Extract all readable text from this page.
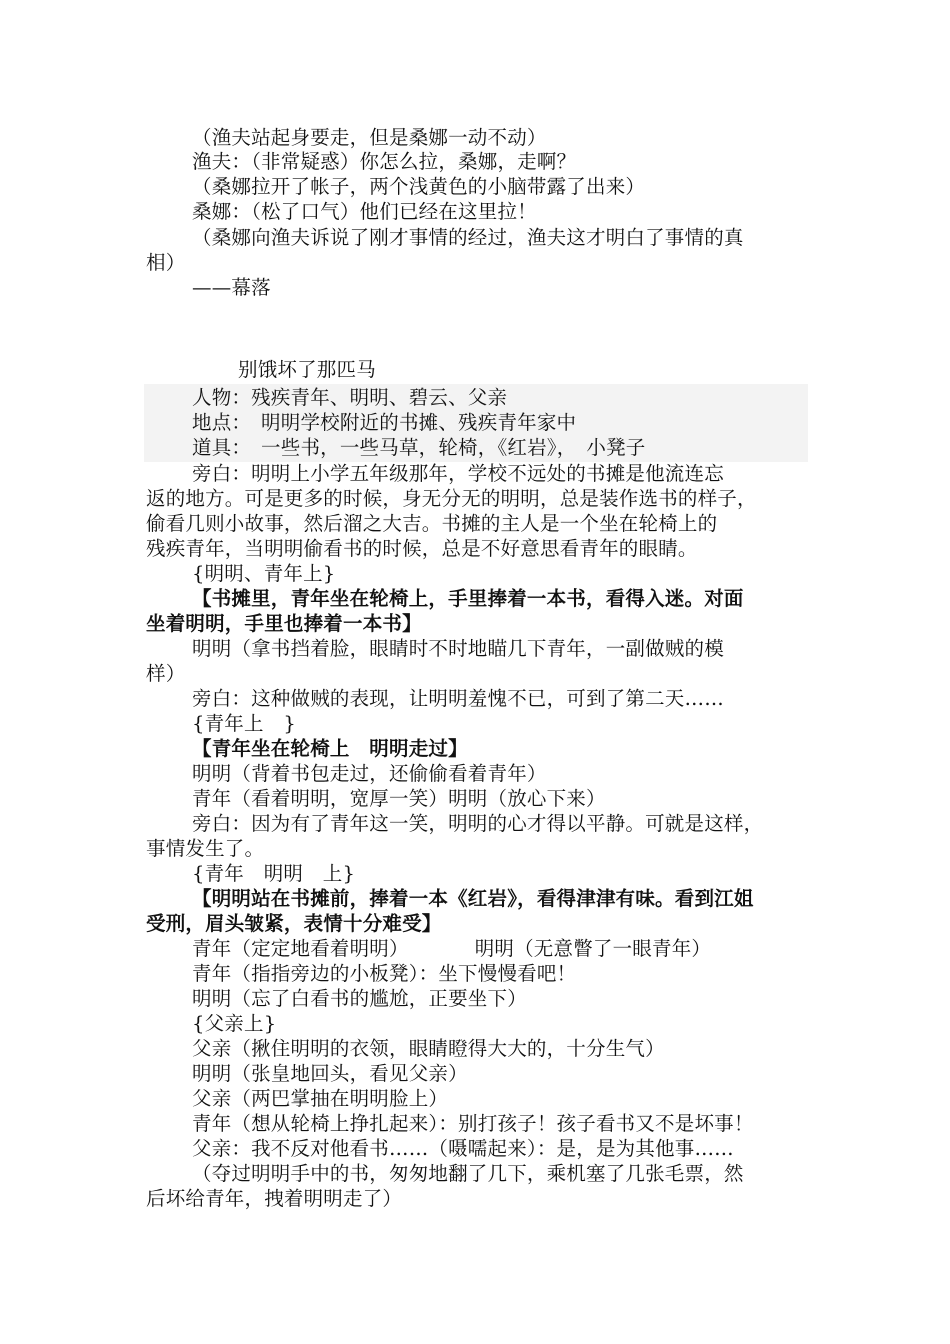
（渔夫站起身要走，但是桑娜一动不动）
渔夫：（非常疑惑）你怎么拉，桑娜，走啊？
（桑娜拉开了帐子，两个浅黄色的小脑带露了出来）
桑娜：（松了口气）他们已经在这里拉！
（桑娜向渔夫诉说了刚才事情的经过，渔夫这才明白了事情的真
相）
——幕落
别饿坏了那匹马
人物：残疾青年、明明、碧云、父亲
地点：　明明学校附近的书摊、残疾青年家中
道具：　一些书，一些马草，轮椅，《红岩》，　小凳子
旁白：明明上小学五年级那年，学校不远处的书摊是他流连忘
返的地方。可是更多的时候，身无分无的明明，总是装作选书的样子，
偷看几则小故事，然后溜之大吉。书摊的主人是一个坐在轮椅上的
残疾青年，当明明偷看书的时候，总是不好意思看青年的眼睛。
{明明、青年上}
【书摊里，青年坐在轮椅上，手里捧着一本书，看得入迷。对面
坐着明明，手里也捧着一本书】
明明（拿书挡着脸，眼睛时不时地瞄几下青年，一副做贼的模
样）
旁白：这种做贼的表现，让明明羞愧不已，可到了第二天……
{青年上　}
【青年坐在轮椅上　明明走过】
明明（背着书包走过，还偷偷看着青年）
青年（看着明明，宽厚一笑）明明（放心下来）
旁白：因为有了青年这一笑，明明的心才得以平静。可就是这样，
事情发生了。
{青年　明明　上}
【明明站在书摊前，捧着一本《红岩》，看得津津有味。看到江姐
受刑，眉头皱紧，表情十分难受】
青年（定定地看着明明）	明明（无意瞥了一眼青年）
青年（指指旁边的小板凳）：坐下慢慢看吧！
明明（忘了白看书的尴尬，正要坐下）
{父亲上}
父亲（揪住明明的衣领，眼睛瞪得大大的，十分生气）
明明（张皇地回头，看见父亲）
父亲（两巴掌抽在明明脸上）
青年（想从轮椅上挣扎起来）：别打孩子！孩子看书又不是坏事！
父亲：我不反对他看书……（嗫嚅起来）：是，是为其他事……
（夺过明明手中的书，匆匆地翻了几下，乘机塞了几张毛票，然
后坏给青年，拽着明明走了）
